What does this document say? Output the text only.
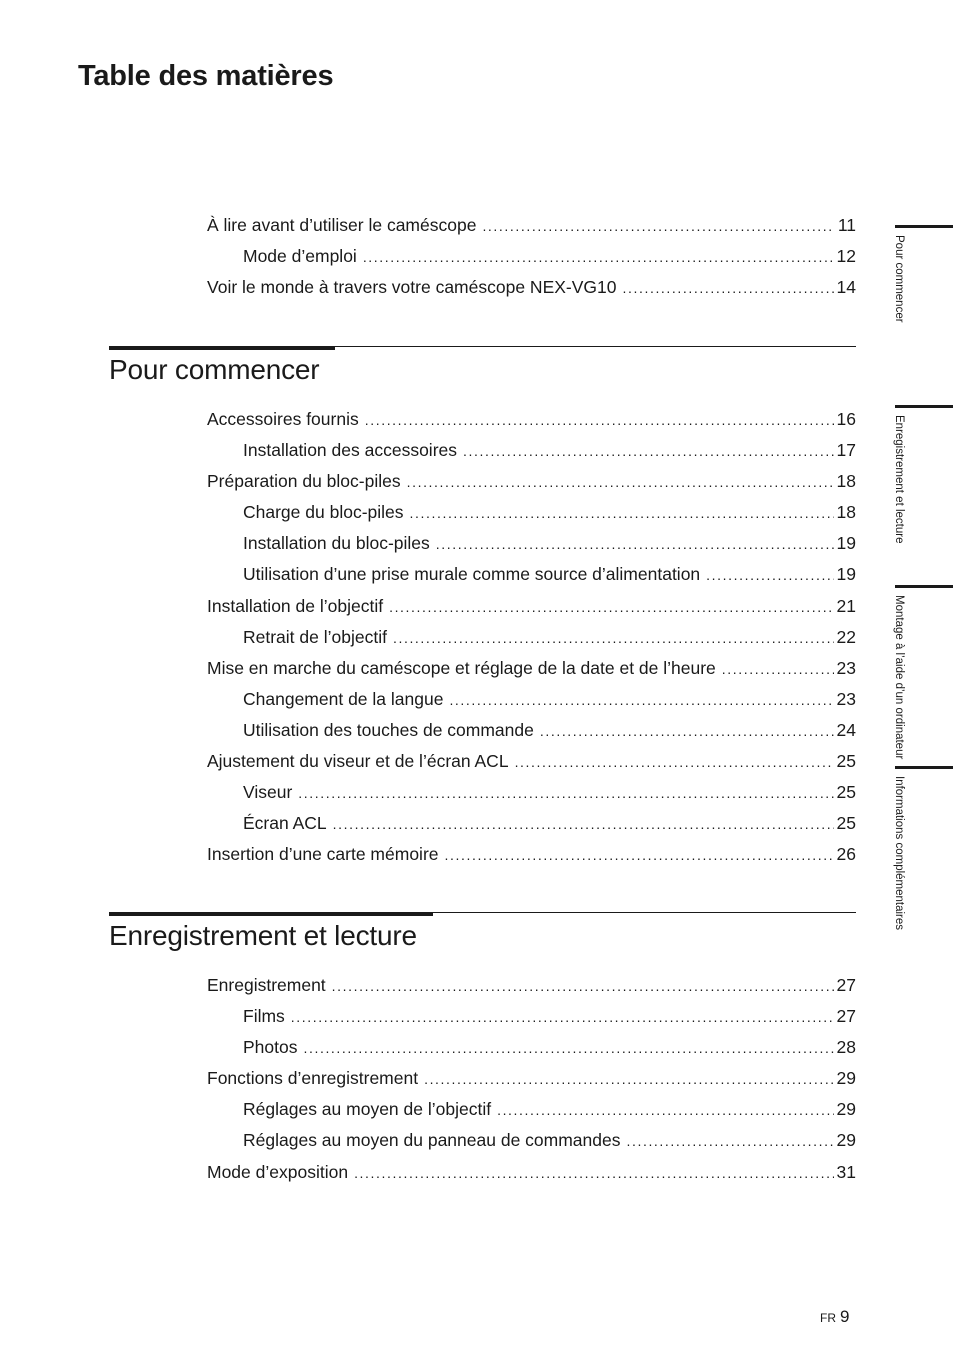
Table des matières
À lire avant d’utiliser le caméscope .....	11
Mode d’emploi .....	12
Voir le monde à travers votre caméscope NEX-VG10 .....	14
Pour commencer
Accessoires fournis .....	16
Installation des accessoires .....	17
Préparation du bloc-piles .....	18
Charge du bloc-piles .....	18
Installation du bloc-piles .....	19
Utilisation d’une prise murale comme source d’alimentation .....	19
Installation de l’objectif .....	21
Retrait de l’objectif .....	22
Mise en marche du caméscope et réglage de la date et de l’heure .....	23
Changement de la langue .....	23
Utilisation des touches de commande .....	24
Ajustement du viseur et de l’écran ACL .....	25
Viseur .....	25
Écran ACL .....	25
Insertion d’une carte mémoire .....	26
Enregistrement et lecture
Enregistrement .....	27
Films .....	27
Photos .....	28
Fonctions d’enregistrement .....	29
Réglages au moyen de l’objectif .....	29
Réglages au moyen du panneau de commandes .....	29
Mode d’exposition .....	31
Pour commencer
Enregistrement et lecture
Montage à l’aide d’un ordinateur
Informations complémentaires
FR 9
